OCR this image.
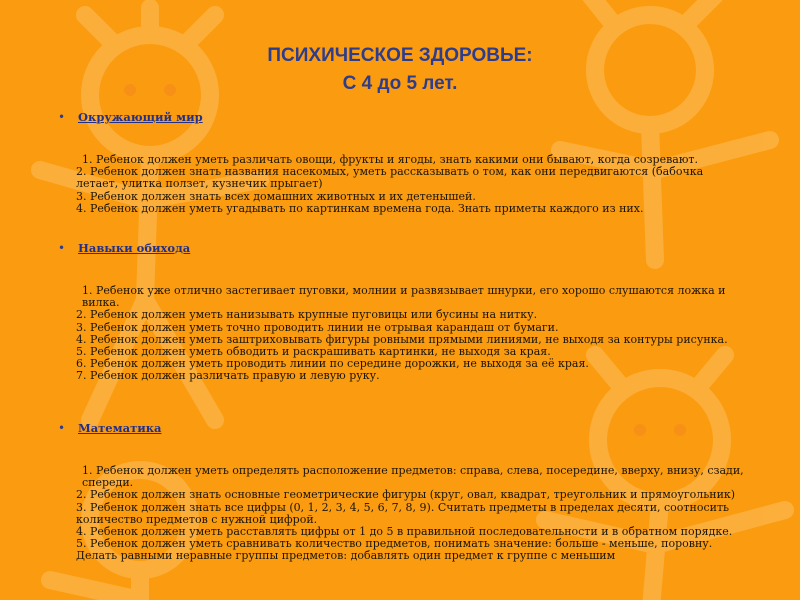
ПСИХИЧЕСКОЕ ЗДОРОВЬЕ:
С 4 до 5 лет.
•	Окружающий мир

1. Ребенок должен уметь различать овощи, фрукты и ягоды, знать какими они бывают, когда созревают.

2. Ребенок должен знать названия насекомых, уметь рассказывать о том, как они передвигаются (бабочка летает, улитка ползет, кузнечик прыгает)

3. Ребенок должен знать всех домашних животных и их детенышей.

4. Ребенок должен уметь угадывать по картинкам времена года. Знать приметы каждого из них.

•	Навыки обихода

1. Ребенок уже отлично застегивает пуговки, молнии и развязывает шнурки, его хорошо слушаются ложка и вилка.

2. Ребенок должен уметь нанизывать крупные пуговицы или бусины на нитку.

3. Ребенок должен уметь точно проводить линии не отрывая карандаш от бумаги.

4. Ребенок должен уметь заштриховывать фигуры ровными прямыми линиями, не выходя за контуры рисунка.

5. Ребенок должен уметь обводить и раскрашивать картинки, не выходя за края.

6. Ребенок должен уметь проводить линии по середине дорожки, не выходя за её края.

7. Ребенок должен различать правую и левую руку.

•	Математика

1. Ребенок должен уметь определять расположение предметов: справа, слева, посередине, вверху, внизу, сзади, спереди.

2. Ребенок должен знать основные геометрические фигуры (круг, овал, квадрат, треугольник и прямоугольник)

3. Ребенок должен знать все цифры (0, 1, 2, 3, 4, 5, 6, 7, 8, 9). Считать предметы в пределах десяти, соотносить количество предметов с нужной цифрой.

4. Ребенок должен уметь расставлять цифры от 1 до 5 в правильной последовательности и в обратном порядке.

5. Ребенок должен уметь сравнивать количество предметов, понимать значение: больше - меньше, поровну. Делать равными неравные группы предметов: добавлять один предмет к группе с меньшим
